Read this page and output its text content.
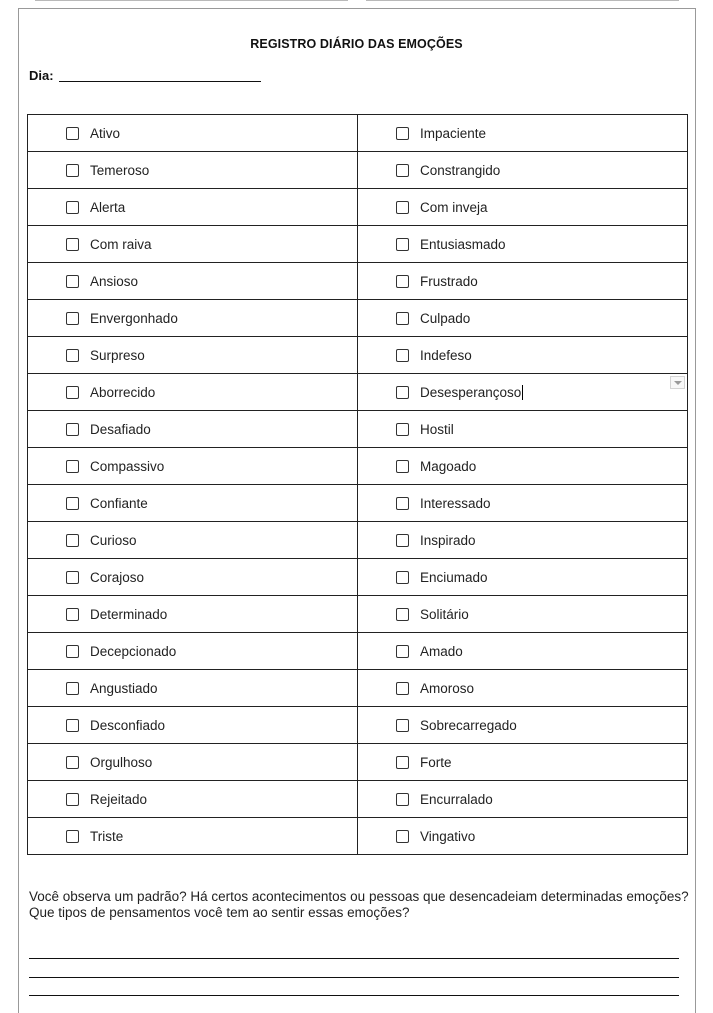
REGISTRO DIÁRIO DAS EMOÇÕES
Dia:
Ativo	Impaciente

Temeroso	Constrangido

Alerta	Com inveja

Com raiva	Entusiasmado

Ansioso	Frustrado

Envergonhado	Culpado

Surpreso	Indefeso

Aborrecido	Desesperançoso

Desafiado	Hostil

Compassivo	Magoado

Confiante	Interessado

Curioso	Inspirado

Corajoso	Enciumado

Determinado	Solitário

Decepcionado	Amado

Angustiado	Amoroso

Desconfiado	Sobrecarregado

Orgulhoso	Forte

Rejeitado	Encurralado

Triste	Vingativo
Você observa um padrão? Há certos acontecimentos ou pessoas que desencadeiam determinadas emoções?
Que tipos de pensamentos você tem ao sentir essas emoções?
